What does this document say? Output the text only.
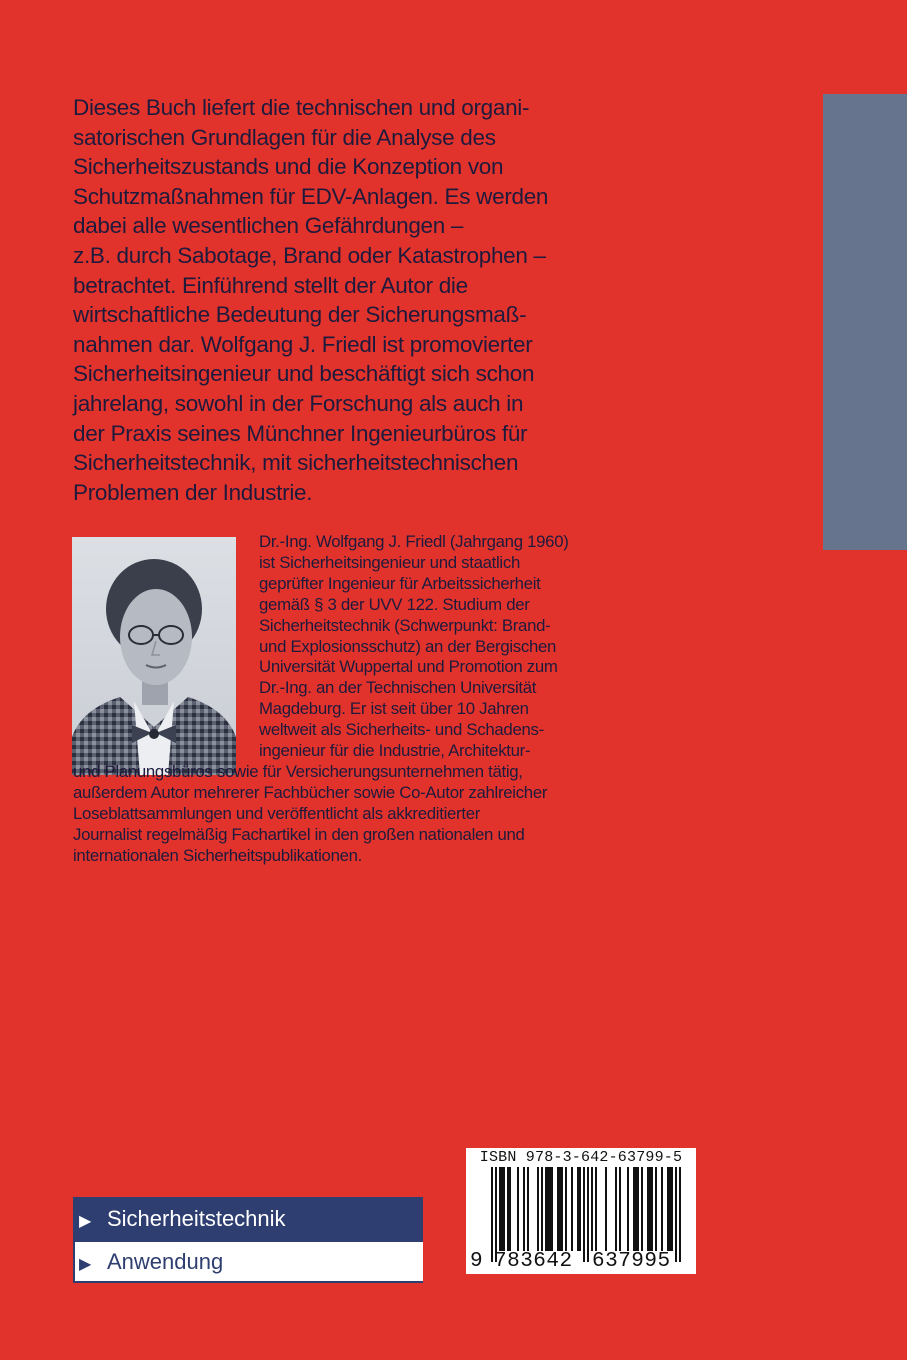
Dieses Buch liefert die technischen und organi-
satorischen Grundlagen für die Analyse des
Sicherheitszustands und die Konzeption von
Schutzmaßnahmen für EDV-Anlagen. Es werden
dabei alle wesentlichen Gefährdungen –
z.B. durch Sabotage, Brand oder Katastrophen –
betrachtet. Einführend stellt der Autor die
wirtschaftliche Bedeutung der Sicherungsmaß-
nahmen dar. Wolfgang J. Friedl ist promovierter
Sicherheitsingenieur und beschäftigt sich schon
jahrelang, sowohl in der Forschung als auch in
der Praxis seines Münchner Ingenieurbüros für
Sicherheitstechnik, mit sicherheitstechnischen
Problemen der Industrie.
Dr.-Ing. Wolfgang J. Friedl (Jahrgang 1960)
ist Sicherheitsingenieur und staatlich
geprüfter Ingenieur für Arbeitssicherheit
gemäß § 3 der UVV 122. Studium der
Sicherheitstechnik (Schwerpunkt: Brand-
und Explosionsschutz) an der Bergischen
Universität Wuppertal und Promotion zum
Dr.-Ing. an der Technischen Universität
Magdeburg. Er ist seit über 10 Jahren
weltweit als Sicherheits- und Schadens-
ingenieur für die Industrie, Architektur-
und Planungsbüros sowie für Versicherungsunternehmen tätig,
außerdem Autor mehrerer Fachbücher sowie Co-Autor zahlreicher
Loseblattsammlungen und veröffentlicht als akkreditierter
Journalist regelmäßig Fachartikel in den großen nationalen und
internationalen Sicherheitspublikationen.
▶ Sicherheitstechnik
▶ Anwendung
ISBN 978-3-642-63799-5
9 783642 637995
